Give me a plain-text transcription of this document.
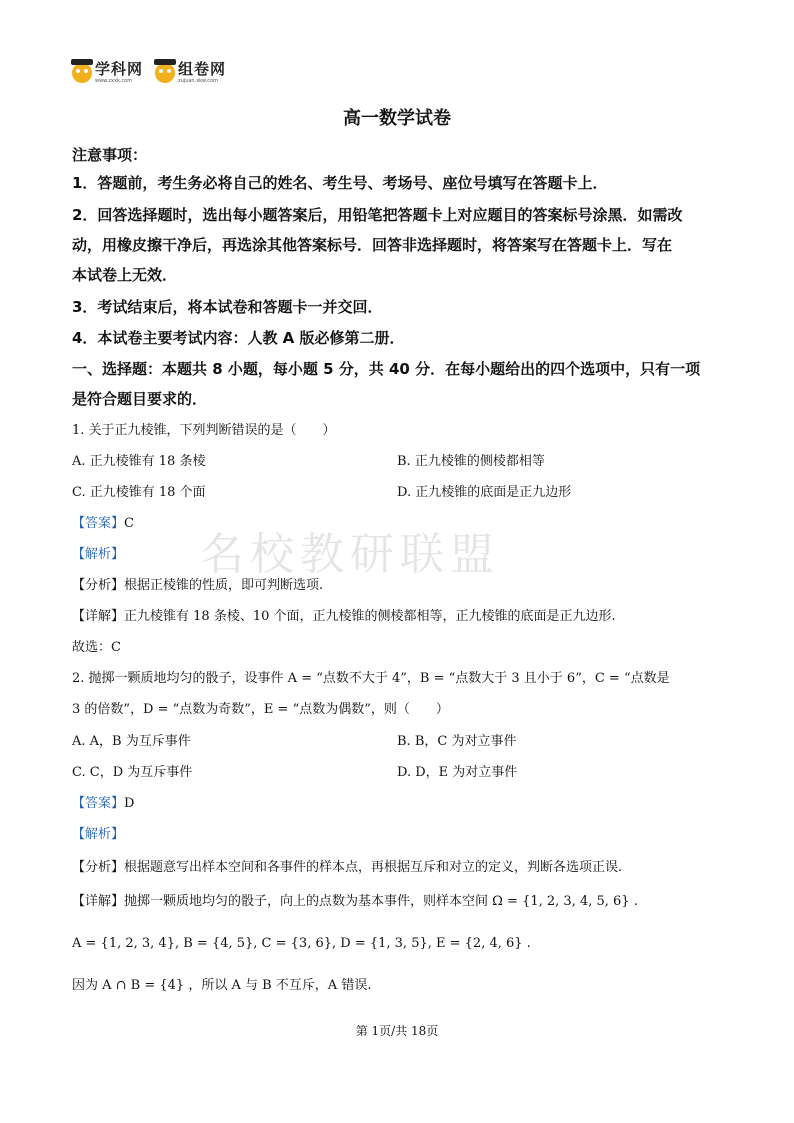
学科网
www.zxxk.com
组卷网
zujuan.xkw.com
高一数学试卷
注意事项：
1．答题前，考生务必将自己的姓名、考生号、考场号、座位号填写在答题卡上．
2．回答选择题时，选出每小题答案后，用铅笔把答题卡上对应题目的答案标号涂黑．如需改
动，用橡皮擦干净后，再选涂其他答案标号．回答非选择题时，将答案写在答题卡上．写在
本试卷上无效．
3．考试结束后，将本试卷和答题卡一并交回．
4．本试卷主要考试内容：人教 A 版必修第二册．
一、选择题：本题共 8 小题，每小题 5 分，共 40 分．在每小题给出的四个选项中，只有一项
是符合题目要求的．
名校教研联盟
1. 关于正九棱锥，下列判断错误的是（　　）
A. 正九棱锥有 18 条棱	B. 正九棱锥的侧棱都相等
C. 正九棱锥有 18 个面	D. 正九棱锥的底面是正九边形
【答案】C
【解析】
【分析】根据正棱锥的性质，即可判断选项.
【详解】正九棱锥有 18 条棱、10 个面，正九棱锥的侧棱都相等，正九棱锥的底面是正九边形.
故选：C
2. 抛掷一颗质地均匀的骰子，设事件 A = “点数不大于 4”，B = “点数大于 3 且小于 6”，C = “点数是
3 的倍数”，D = “点数为奇数”，E = “点数为偶数”，则（　　）
A. A，B 为互斥事件	B. B，C 为对立事件
C. C，D 为互斥事件	D. D，E 为对立事件
【答案】D
【解析】
【分析】根据题意写出样本空间和各事件的样本点，再根据互斥和对立的定义，判断各选项正误.
【详解】抛掷一颗质地均匀的骰子，向上的点数为基本事件，则样本空间 Ω = {1, 2, 3, 4, 5, 6} .
A = {1, 2, 3, 4}, B = {4, 5}, C = {3, 6}, D = {1, 3, 5}, E = {2, 4, 6} .
因为 A ∩ B = {4} ，所以 A 与 B 不互斥，A 错误.
第 1页/共 18页
